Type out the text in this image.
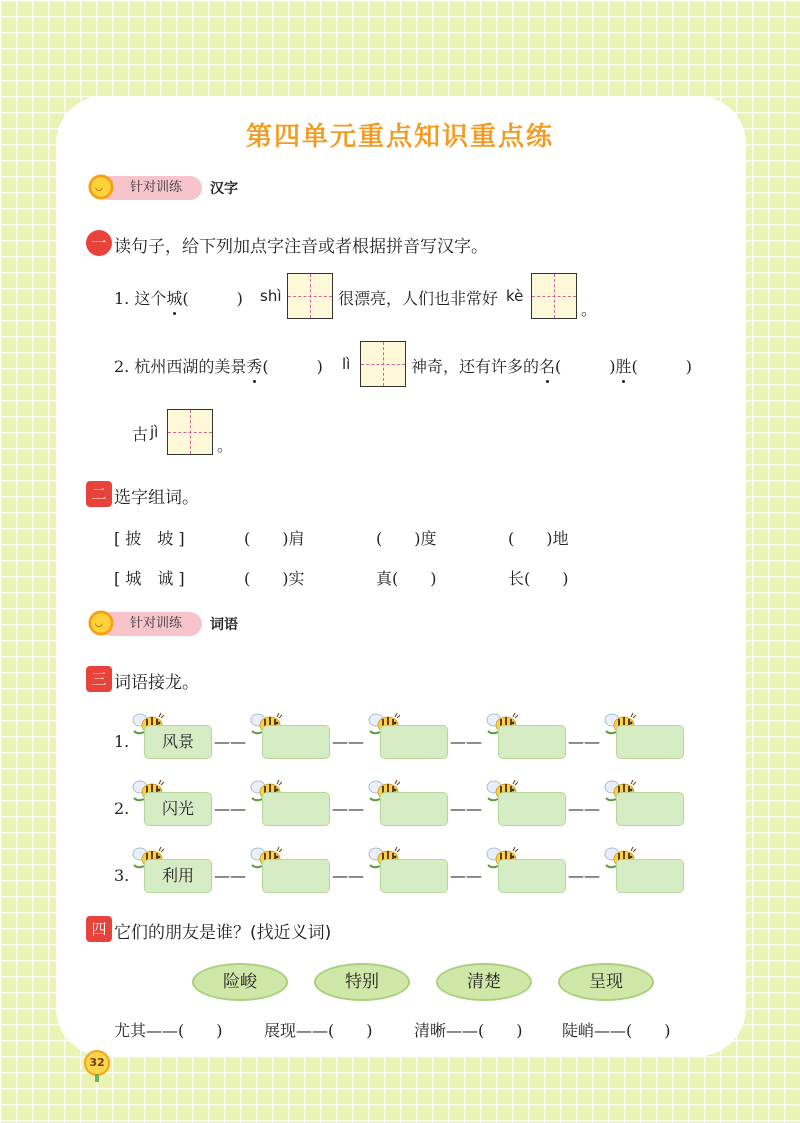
第四单元重点知识重点练
针对训练
◡	汉字
一 读句子，给下列加点字注音或者根据拼音写汉字。
1. 这个城(　　　) shì	很漂亮，人们也非常好 kè
。
2. 杭州西湖的美景秀(　　　) lì	神奇，还有许多的名(　　　)胜(　　　)
古 jì
。
二 选字组词。
[ 披　坡 ]	(　　)肩	(　　)度	(　　)地
[ 城　诚 ]	(　　)实	真(　　)	长(　　)
针对训练
◡	词语
三 词语接龙。
1.	风景	——	——	——	——
2.	闪光	——	——	——	——
3.	利用	——	——	——	——
四 它们的朋友是谁？(找近义词)
险峻	特别	清楚	呈现
尤其——(　　)	展现——(　　)	清晰——(　　) 陡峭——(　　)
32
